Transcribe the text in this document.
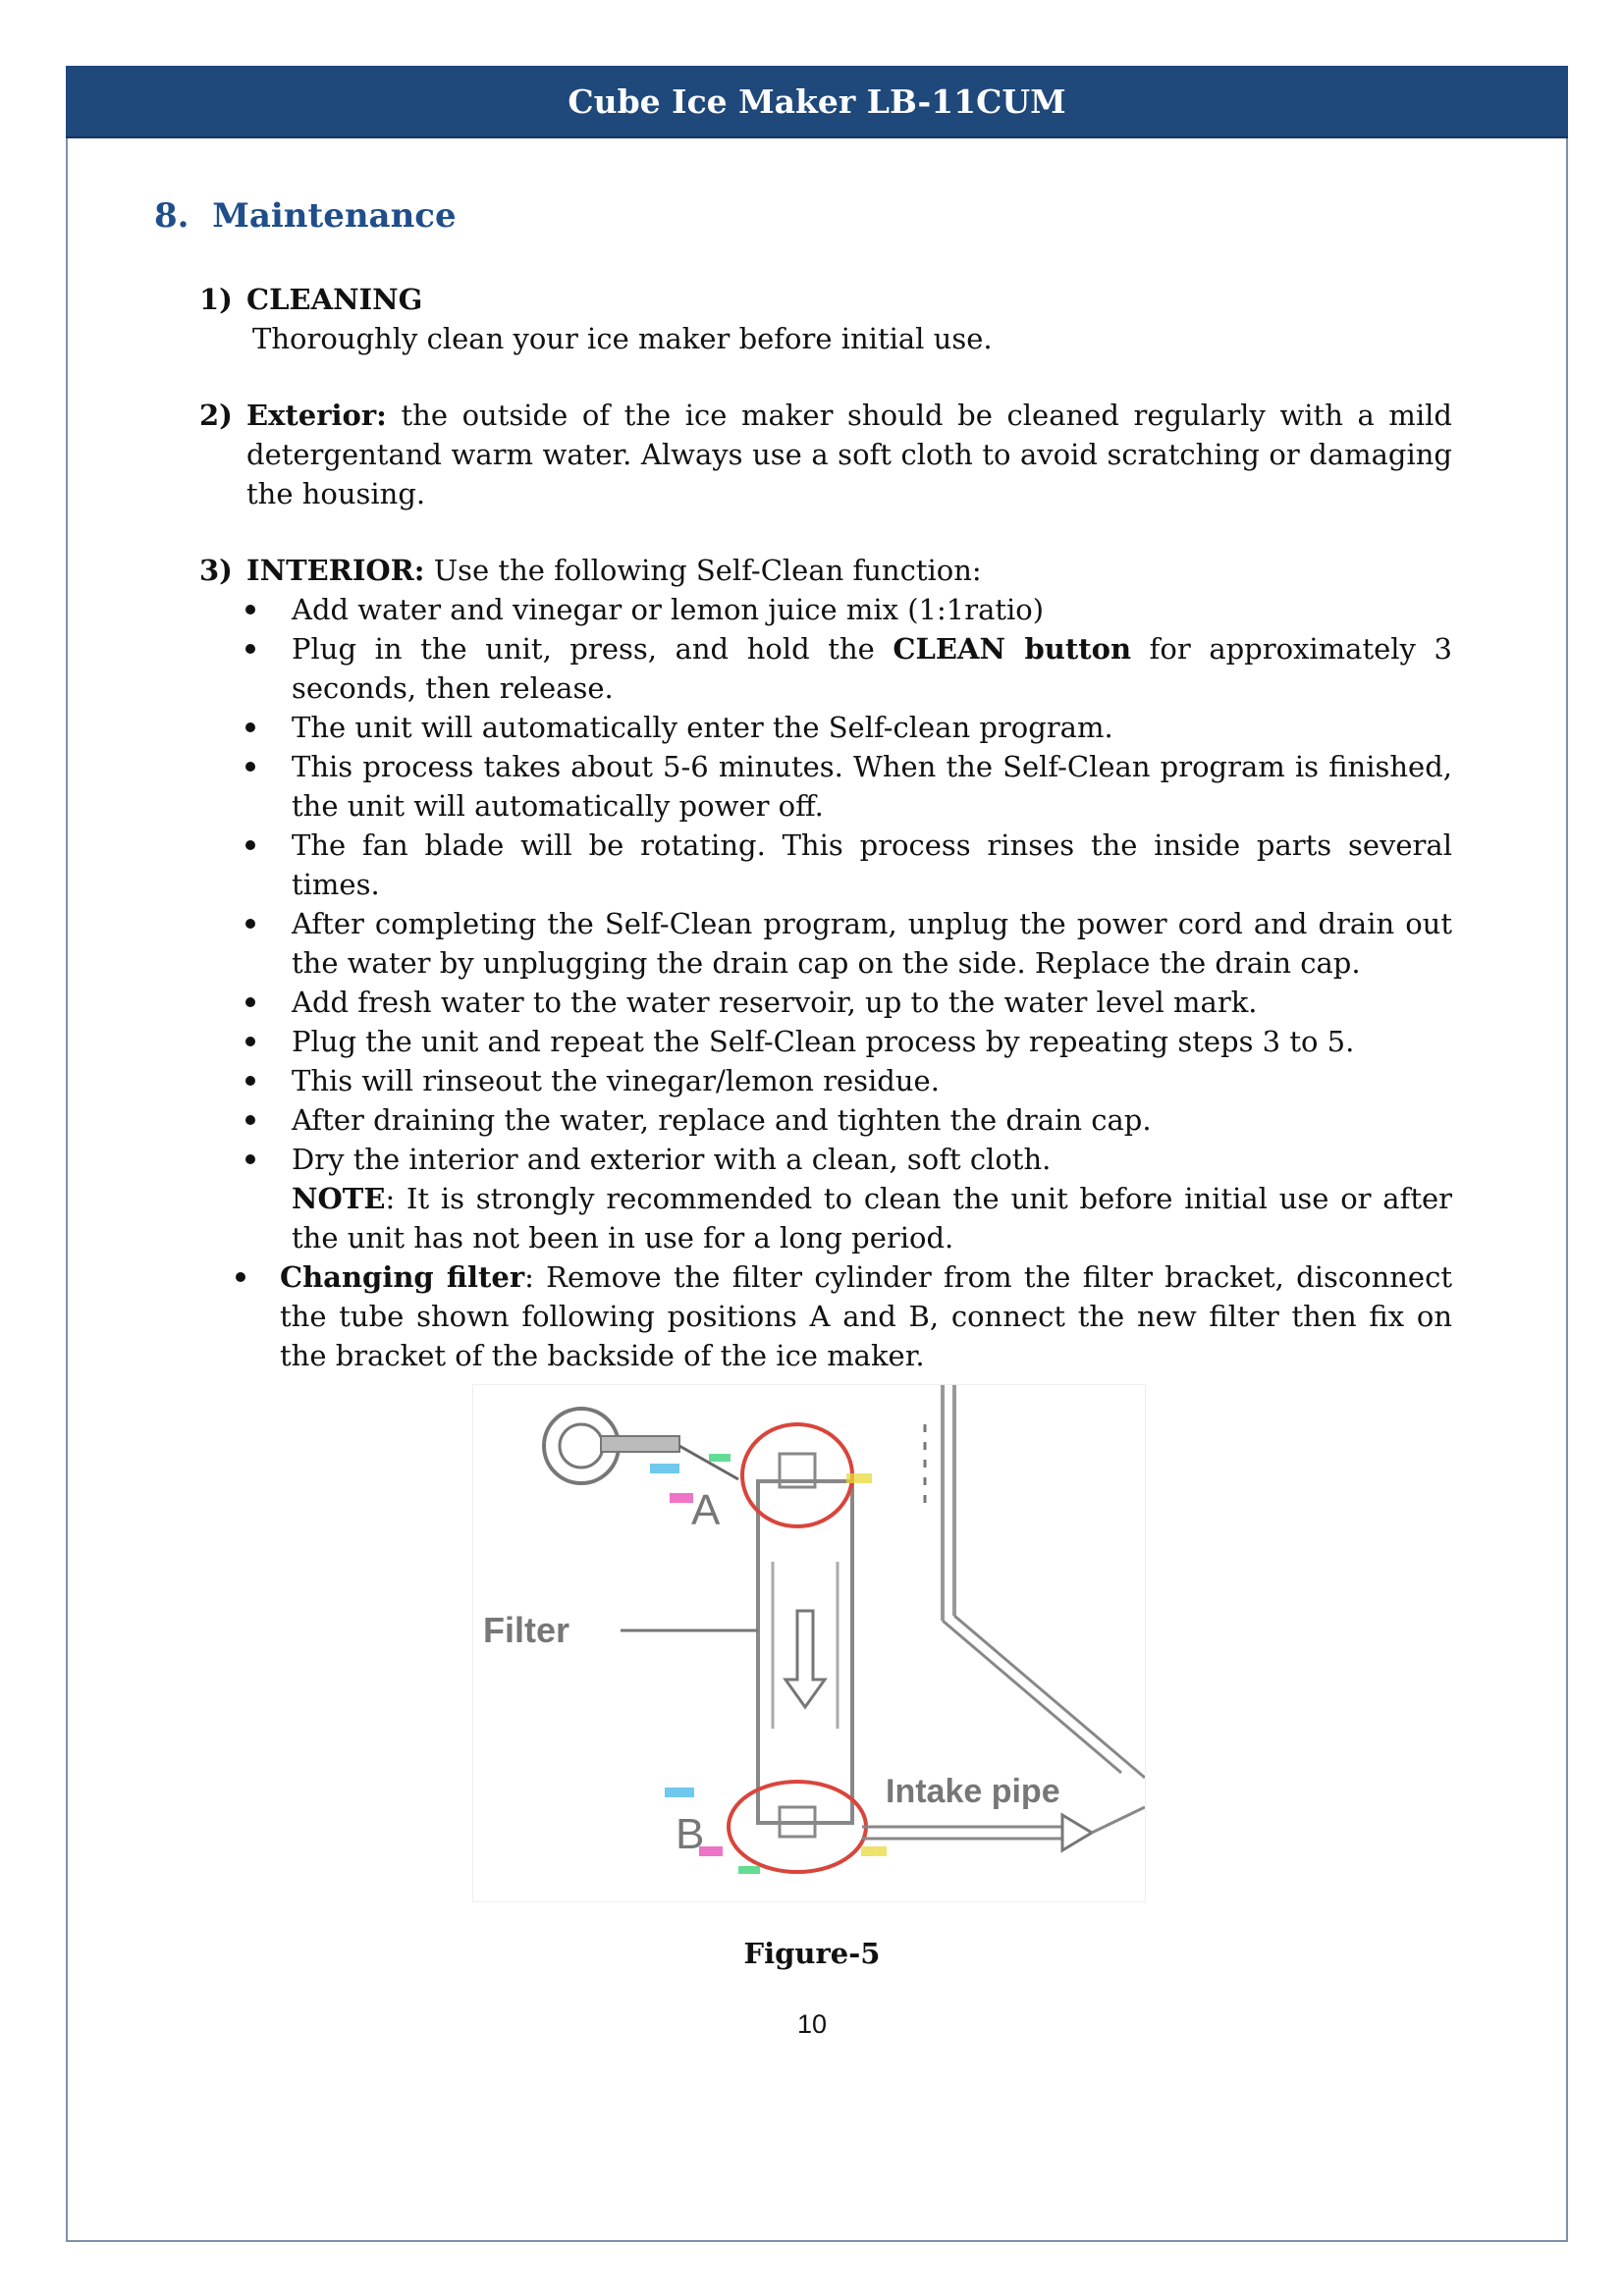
Cube Ice Maker LB-11CUM
8. Maintenance
1) CLEANING
Thoroughly clean your ice maker before initial use.
2) Exterior: the outside of the ice maker should be cleaned regularly with a mild detergentand warm water. Always use a soft cloth to avoid scratching or damaging the housing.
3) INTERIOR: Use the following Self-Clean function:
Add water and vinegar or lemon juice mix (1:1ratio)
Plug in the unit, press, and hold the CLEAN button for approximately 3 seconds, then release.
The unit will automatically enter the Self-clean program.
This process takes about 5-6 minutes. When the Self-Clean program is finished, the unit will automatically power off.
The fan blade will be rotating. This process rinses the inside parts several times.
After completing the Self-Clean program, unplug the power cord and drain out the water by unplugging the drain cap on the side. Replace the drain cap.
Add fresh water to the water reservoir, up to the water level mark.
Plug the unit and repeat the Self-Clean process by repeating steps 3 to 5.
This will rinseout the vinegar/lemon residue.
After draining the water, replace and tighten the drain cap.
Dry the interior and exterior with a clean, soft cloth.
NOTE: It is strongly recommended to clean the unit before initial use or after the unit has not been in use for a long period.
Changing filter: Remove the filter cylinder from the filter bracket, disconnect the tube shown following positions A and B, connect the new filter then fix on the bracket of the backside of the ice maker.
A
B
Filter
Intake pipe
Figure-5
10
